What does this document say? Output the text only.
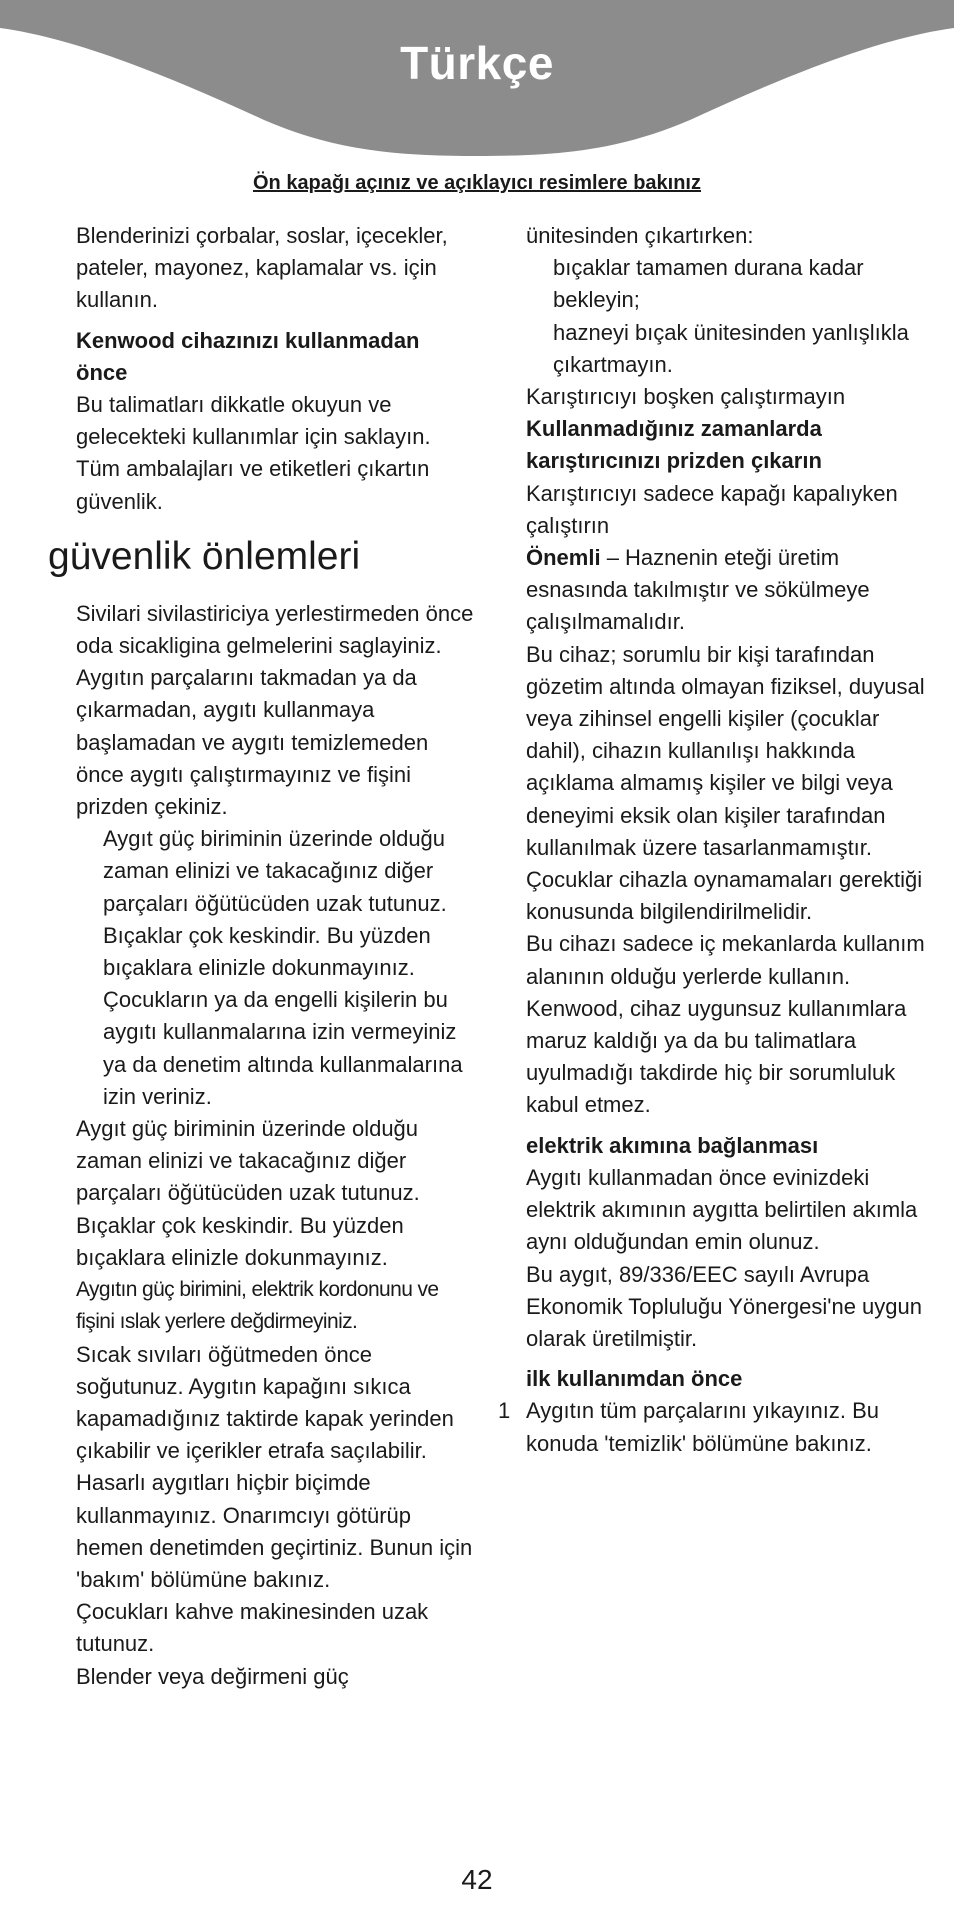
Türkçe
Ön kapağı açınız ve açıklayıcı resimlere bakınız

Blenderinizi çorbalar, soslar, içecekler, pateler, mayonez, kaplamalar vs. için kullanın.

Kenwood cihazınızı kullanmadan önce

Bu talimatları dikkatle okuyun ve gelecekteki kullanımlar için saklayın.

Tüm ambalajları ve etiketleri çıkartın güvenlik.

güvenlik önlemleri

Sivilari sivilastiriciya yerlestirmeden önce oda sicakligina gelmelerini saglayiniz.

Aygıtın parçalarını takmadan ya da çıkarmadan, aygıtı kullanmaya başlamadan ve aygıtı temizlemeden önce aygıtı çalıştırmayınız ve fişini prizden çekiniz.

Aygıt güç biriminin üzerinde olduğu zaman elinizi ve takacağınız diğer parçaları öğütücüden uzak tutunuz.

Bıçaklar çok keskindir. Bu yüzden bıçaklara elinizle dokunmayınız.

Çocukların ya da engelli kişilerin bu aygıtı kullanmalarına izin vermeyiniz ya da denetim altında kullanmalarına izin veriniz.

Aygıt güç biriminin üzerinde olduğu zaman elinizi ve takacağınız diğer parçaları öğütücüden uzak tutunuz.

Bıçaklar çok keskindir. Bu yüzden bıçaklara elinizle dokunmayınız.

Aygıtın güç birimini, elektrik kordonunu ve fişini ıslak yerlere değdirmeyiniz.

Sıcak sıvıları öğütmeden önce soğutunuz. Aygıtın kapağını sıkıca kapamadığınız taktirde kapak yerinden çıkabilir ve içerikler etrafa saçılabilir.

Hasarlı aygıtları hiçbir biçimde kullanmayınız. Onarımcıyı götürüp hemen denetimden geçirtiniz. Bunun için 'bakım' bölümüne bakınız.

Çocukları kahve makinesinden uzak tutunuz.

Blender veya değirmeni güç

ünitesinden çıkartırken:

bıçaklar tamamen durana kadar bekleyin;

hazneyi bıçak ünitesinden yanlışlıkla çıkartmayın.

Karıştırıcıyı boşken çalıştırmayın

Kullanmadığınız zamanlarda karıştırıcınızı prizden çıkarın

Karıştırıcıyı sadece kapağı kapalıyken çalıştırın

Önemli – Haznenin eteği üretim esnasında takılmıştır ve sökülmeye çalışılmamalıdır.

Bu cihaz; sorumlu bir kişi tarafından gözetim altında olmayan fiziksel, duyusal veya zihinsel engelli kişiler (çocuklar dahil), cihazın kullanılışı hakkında açıklama almamış kişiler ve bilgi veya deneyimi eksik olan kişiler tarafından kullanılmak üzere tasarlanmamıştır.

Çocuklar cihazla oynamamaları gerektiği konusunda bilgilendirilmelidir.

Bu cihazı sadece iç mekanlarda kullanım alanının olduğu yerlerde kullanın. Kenwood, cihaz uygunsuz kullanımlara maruz kaldığı ya da bu talimatlara uyulmadığı takdirde hiç bir sorumluluk kabul etmez.

elektrik akımına bağlanması

Aygıtı kullanmadan önce evinizdeki elektrik akımının aygıtta belirtilen akımla aynı olduğundan emin olunuz.

Bu aygıt, 89/336/EEC sayılı Avrupa Ekonomik Topluluğu Yönergesi'ne uygun olarak üretilmiştir.

ilk kullanımdan önce

1 Aygıtın tüm parçalarını yıkayınız. Bu konuda 'temizlik' bölümüne bakınız.
42
